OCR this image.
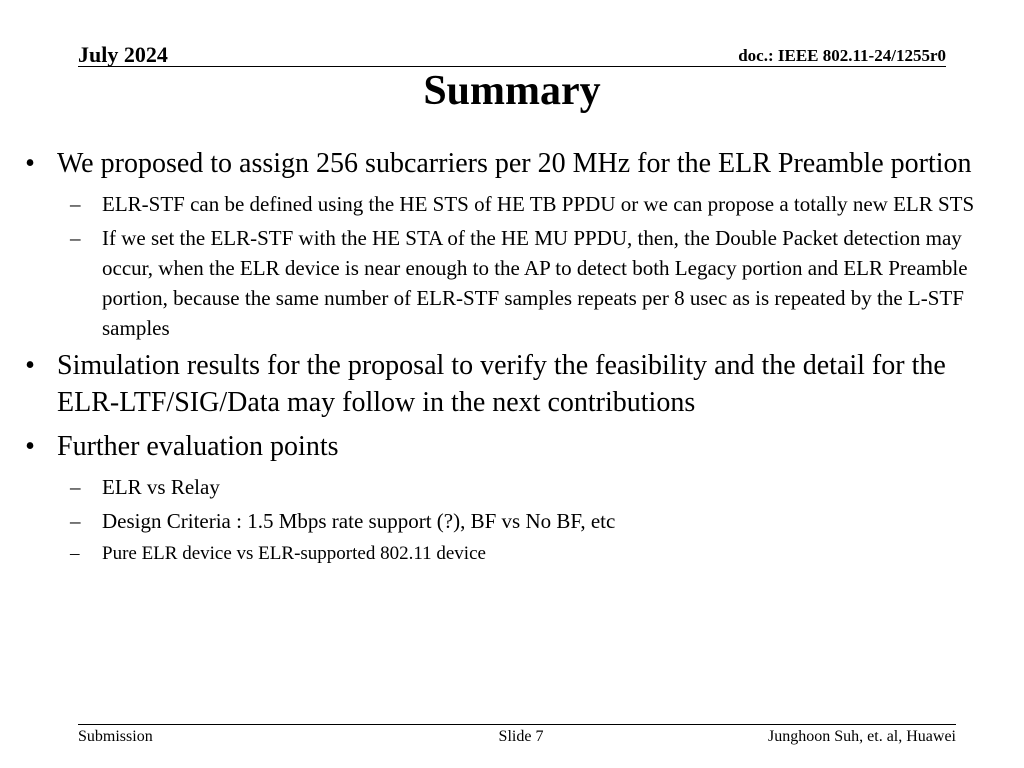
July 2024	doc.: IEEE 802.11-24/1255r0
Summary
• We proposed to assign 256 subcarriers per 20 MHz for the ELR Preamble portion
– ELR-STF can be defined using the HE STS of HE TB PPDU or we can propose a totally new ELR STS
– If we set the ELR-STF with the HE STA of the HE MU PPDU, then, the Double Packet detection may occur, when the ELR device is near enough to the AP to detect both Legacy portion and ELR Preamble portion, because the same number of ELR-STF samples repeats per 8 usec as is repeated by the L-STF samples
• Simulation results for the proposal to verify the feasibility and the detail for the ELR-LTF/SIG/Data may follow in the next contributions
• Further evaluation points
– ELR vs Relay
– Design Criteria : 1.5 Mbps rate support (?), BF vs No BF, etc
– Pure ELR device vs ELR-supported 802.11 device
Submission	Slide 7	Junghoon Suh, et. al, Huawei
